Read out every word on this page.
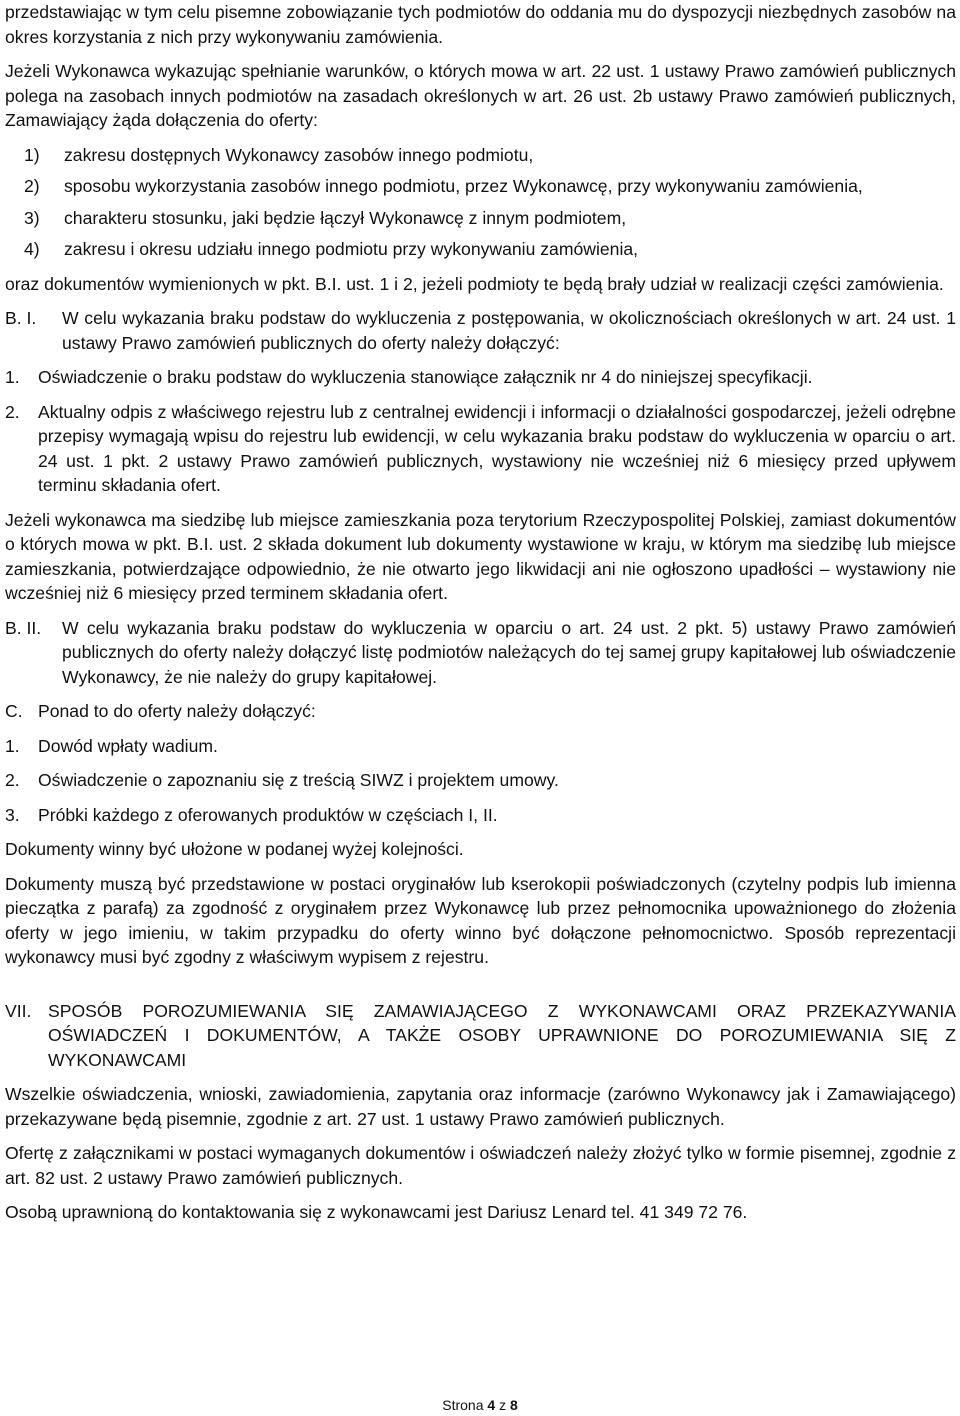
przedstawiając w tym celu pisemne zobowiązanie tych podmiotów do oddania mu do dyspozycji niezbędnych zasobów na okres korzystania z nich przy wykonywaniu zamówienia.

Jeżeli Wykonawca wykazując spełnianie warunków, o których mowa w art. 22 ust. 1 ustawy Prawo zamówień publicznych polega na zasobach innych podmiotów na zasadach określonych w art. 26 ust. 2b ustawy Prawo zamówień publicznych, Zamawiający żąda dołączenia do oferty:

1)	zakresu dostępnych Wykonawcy zasobów innego podmiotu,
2)	sposobu wykorzystania zasobów innego podmiotu, przez Wykonawcę, przy wykonywaniu zamówienia,
3)	charakteru stosunku, jaki będzie łączył Wykonawcę z innym podmiotem,
4)	zakresu i okresu udziału innego podmiotu przy wykonywaniu zamówienia,

oraz dokumentów wymienionych w pkt. B.I. ust. 1 i 2, jeżeli podmioty te będą brały udział w realizacji części zamówienia.

B. I.	W celu wykazania braku podstaw do wykluczenia z postępowania, w okolicznościach określonych w art. 24 ust. 1 ustawy Prawo zamówień publicznych do oferty należy dołączyć:
1.	Oświadczenie o braku podstaw do wykluczenia stanowiące załącznik nr 4 do niniejszej specyfikacji.
2.	Aktualny odpis z właściwego rejestru lub z centralnej ewidencji i informacji o działalności gospodarczej, jeżeli odrębne przepisy wymagają wpisu do rejestru lub ewidencji, w celu wykazania braku podstaw do wykluczenia w oparciu o art. 24 ust. 1 pkt. 2 ustawy Prawo zamówień publicznych, wystawiony nie wcześniej niż 6 miesięcy przed upływem terminu składania ofert.

Jeżeli wykonawca ma siedzibę lub miejsce zamieszkania poza terytorium Rzeczypospolitej Polskiej, zamiast dokumentów o których mowa w pkt. B.I. ust. 2 składa dokument lub dokumenty wystawione w kraju, w którym ma siedzibę lub miejsce zamieszkania, potwierdzające odpowiednio, że nie otwarto jego likwidacji ani nie ogłoszono upadłości – wystawiony nie wcześniej niż 6 miesięcy przed terminem składania ofert.

B. II.	W celu wykazania braku podstaw do wykluczenia w oparciu o art. 24 ust. 2 pkt. 5) ustawy Prawo zamówień publicznych do oferty należy dołączyć listę podmiotów należących do tej samej grupy kapitałowej lub oświadczenie Wykonawcy, że nie należy do grupy kapitałowej.
C. Ponad to do oferty należy dołączyć:
1.	Dowód wpłaty wadium.
2.	Oświadczenie o zapoznaniu się z treścią SIWZ i projektem umowy.
3.	Próbki każdego z oferowanych produktów w częściach I, II.

Dokumenty winny być ułożone w podanej wyżej kolejności.

Dokumenty muszą być przedstawione w postaci oryginałów lub kserokopii poświadczonych (czytelny podpis lub imienna pieczątka z parafą) za zgodność z oryginałem przez Wykonawcę lub przez pełnomocnika upoważnionego do złożenia oferty w jego imieniu, w takim przypadku do oferty winno być dołączone pełnomocnictwo. Sposób reprezentacji wykonawcy musi być zgodny z właściwym wypisem z rejestru.

VII. SPOSÓB POROZUMIEWANIA SIĘ ZAMAWIAJĄCEGO Z WYKONAWCAMI ORAZ PRZEKAZYWANIA OŚWIADCZEŃ I DOKUMENTÓW, A TAKŻE OSOBY UPRAWNIONE DO POROZUMIEWANIA SIĘ Z WYKONAWCAMI

Wszelkie oświadczenia, wnioski, zawiadomienia, zapytania oraz informacje (zarówno Wykonawcy jak i Zamawiającego) przekazywane będą pisemnie, zgodnie z art. 27 ust. 1 ustawy Prawo zamówień publicznych.

Ofertę z załącznikami w postaci wymaganych dokumentów i oświadczeń należy złożyć tylko w formie pisemnej, zgodnie z art. 82 ust. 2 ustawy Prawo zamówień publicznych.

Osobą uprawnioną do kontaktowania się z wykonawcami jest Dariusz Lenard tel. 41 349 72 76.

Strona 4 z 8
